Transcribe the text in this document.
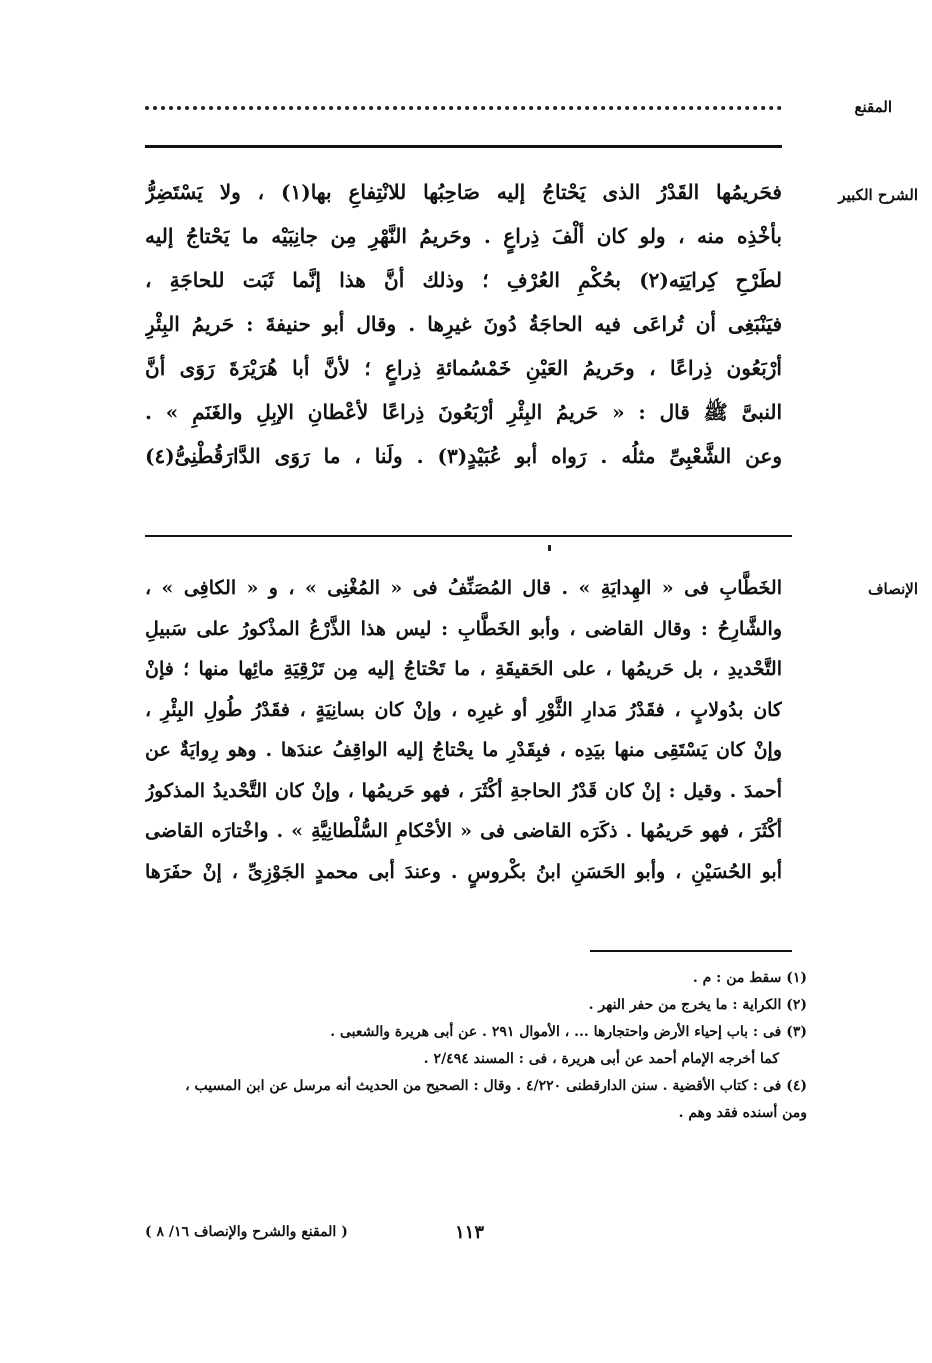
المقنع
الشرح الكبير
فحَريمُها القَدْرُ الذى يَحْتاجُ إليه صَاحِبُها للانْتِفاعِ بها(١) ، ولا يَسْتَضِرُّ
بأخْذِه منه ، ولو كان ألْفَ ذِراعٍ . وحَريمُ النَّهْرِ مِن جانِبَيْه ما يَحْتاجُ إليه
لطَرْحِ كِرايَتِه(٢) بحُكْمِ العُرْفِ ؛ وذلك أنَّ هذا إنَّما ثَبَت للحاجَةِ ،
فيَنْبَغِى أن تُراعَى فيه الحاجَةُ دُونَ غيرِها . وقال أبو حنيفةَ : حَريمُ البِئْرِ
أرْبَعُون ذِراعًا ، وحَريمُ العَيْنِ خَمْسُمائةِ ذِراعٍ ؛ لأنَّ أبا هُرَيْرَةَ رَوَى أنَّ
النبىَّ ﷺ قال : « حَريمُ البِئْرِ أرْبَعُونَ ذِراعًا لأعْطانِ الإبِلِ والغَنَمِ » .
وعن الشَّعْبِىِّ مثلُه . رَواه أبو عُبَيْدٍ(٣) . ولَنا ، ما رَوَى الدَّارَقُطْنِىُّ(٤)
الإنصاف
الخَطَّابِ فى « الهِدايَةِ » . قال المُصَنِّفُ فى « المُغْنِى » ، و « الكافِى » ،
والشَّارِحُ : وقال القاضى ، وأبو الخَطَّابِ : ليس هذا الذَّرْعُ المذْكورُ على سَبيلِ
التَّحْديدِ ، بل حَريمُها ، على الحَقيقَةِ ، ما تَحْتاجُ إليه مِن تَرْقِيَةِ مائِها منها ؛ فإنْ
كان بدُولابٍ ، فقَدْرُ مَدارِ الثَّوْرِ أو غيرِه ، وإنْ كان بسانِيَةٍ ، فقَدْرُ طُولِ البِئْرِ ،
وإنْ كان يَسْتَقِى منها بيَدِه ، فبِقَدْرِ ما يحْتاجُ إليه الواقِفُ عندَها . وهو رِوايَةٌ عن
أحمدَ . وقيل : إنْ كان قَدْرُ الحاجةِ أكْثَرَ ، فهو حَريمُها ، وإنْ كان التَّحْديدُ المذكورُ
أكْثَرَ ، فهو حَريمُها . ذكَرَه القاضى فى « الأحْكامِ السُّلْطانِيَّةِ » . واخْتارَه القاضى
أبو الحُسَيْنِ ، وأبو الحَسَنِ ابنُ بكْروسٍ . وعندَ أبى محمدٍ الجَوْزِىِّ ، إنْ حفَرَها
(١) سقط من : م .
(٢) الكراية : ما يخرج من حفر النهر .
(٣) فى : باب إحياء الأرض واحتجارها ... ، الأموال ٢٩١ . عن أبى هريرة والشعبى .
كما أخرجه الإمام أحمد عن أبى هريرة ، فى : المسند ٢/٤٩٤ .
(٤) فى : كتاب الأقضية . سنن الدارقطنى ٤/٢٢٠ . وقال : الصحيح من الحديث أنه مرسل عن ابن المسيب ،
ومن أسنده فقد وهم .
١١٣
( المقنع والشرح والإنصاف ١٦/ ٨ )
